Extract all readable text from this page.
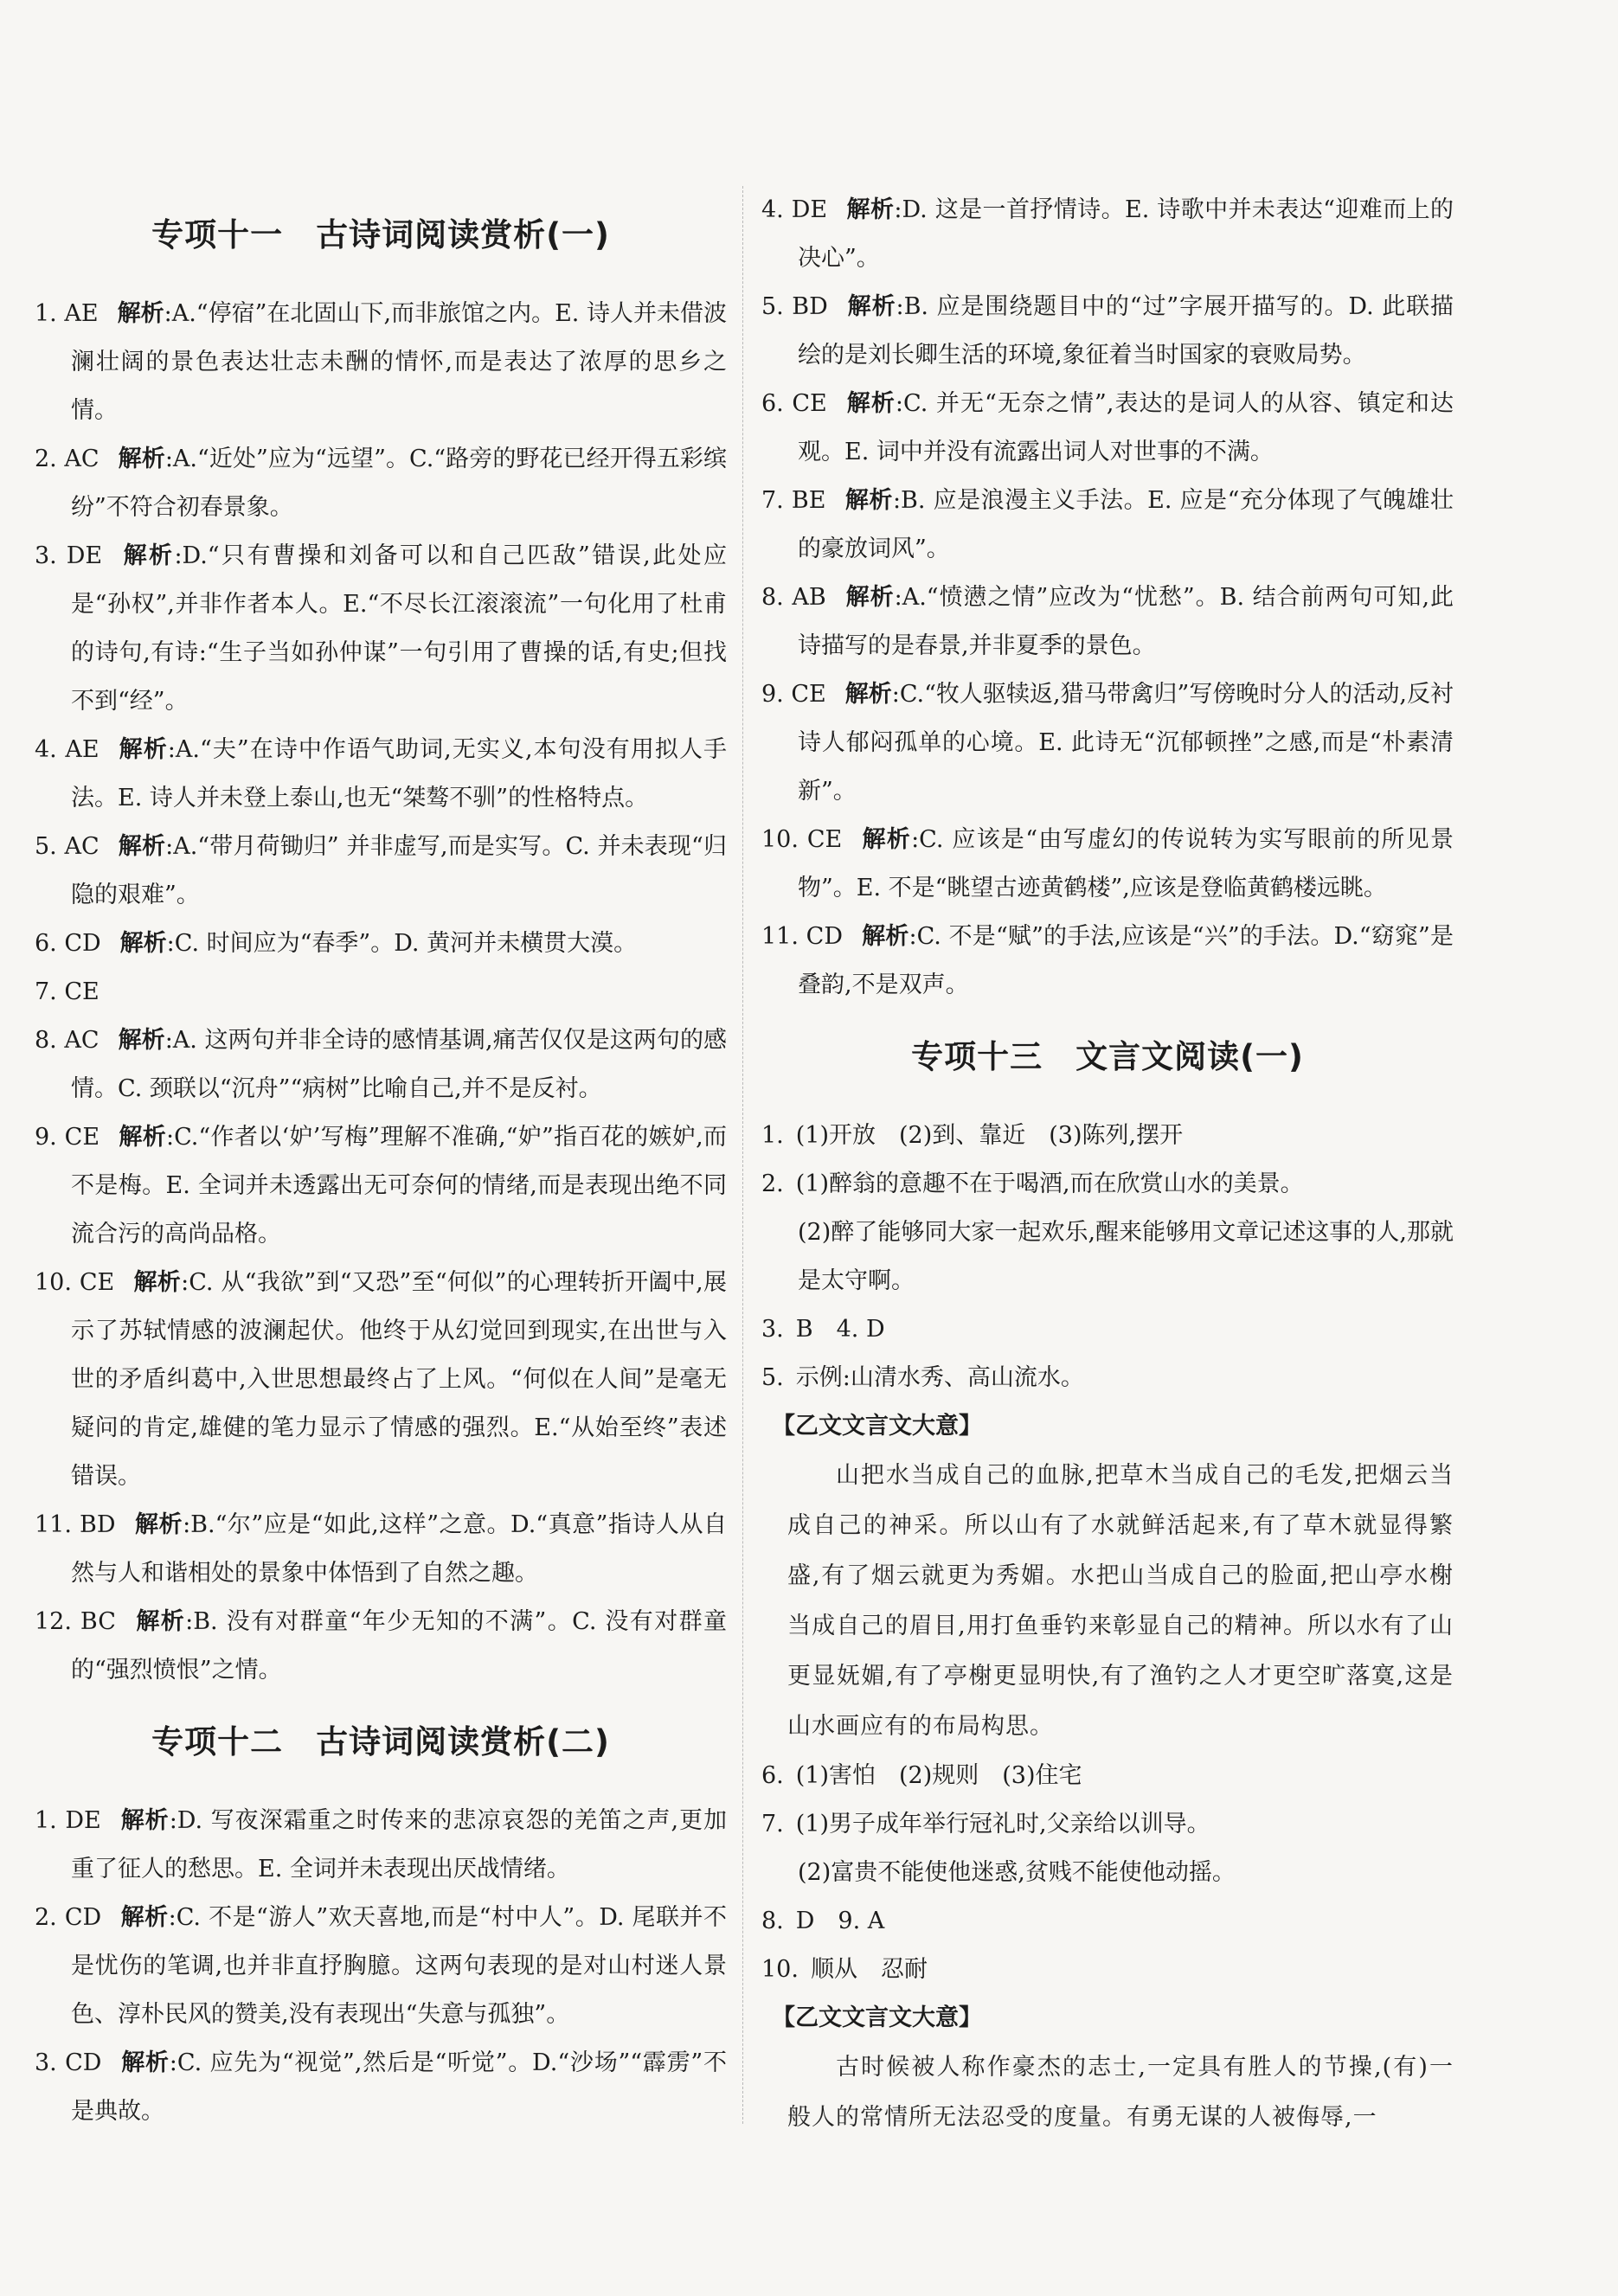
专项十一　古诗词阅读赏析(一)
1. AE 解析:A.“停宿”在北固山下,而非旅馆之内。E. 诗人并未借波澜壮阔的景色表达壮志未酬的情怀,而是表达了浓厚的思乡之情。
2. AC 解析:A.“近处”应为“远望”。C.“路旁的野花已经开得五彩缤纷”不符合初春景象。
3. DE 解析:D.“只有曹操和刘备可以和自己匹敌”错误,此处应是“孙权”,并非作者本人。E.“不尽长江滚滚流”一句化用了杜甫的诗句,有诗:“生子当如孙仲谋”一句引用了曹操的话,有史;但找不到“经”。
4. AE 解析:A.“夫”在诗中作语气助词,无实义,本句没有用拟人手法。E. 诗人并未登上泰山,也无“桀骜不驯”的性格特点。
5. AC 解析:A.“带月荷锄归” 并非虚写,而是实写。C. 并未表现“归隐的艰难”。
6. CD 解析:C. 时间应为“春季”。D. 黄河并未横贯大漠。
7. CE
8. AC 解析:A. 这两句并非全诗的感情基调,痛苦仅仅是这两句的感情。C. 颈联以“沉舟”“病树”比喻自己,并不是反衬。
9. CE 解析:C.“作者以‘妒’写梅”理解不准确,“妒”指百花的嫉妒,而不是梅。E. 全词并未透露出无可奈何的情绪,而是表现出绝不同流合污的高尚品格。
10. CE 解析:C. 从“我欲”到“又恐”至“何似”的心理转折开阖中,展示了苏轼情感的波澜起伏。他终于从幻觉回到现实,在出世与入世的矛盾纠葛中,入世思想最终占了上风。“何似在人间”是毫无疑问的肯定,雄健的笔力显示了情感的强烈。E.“从始至终”表述错误。
11. BD 解析:B.“尔”应是“如此,这样”之意。D.“真意”指诗人从自然与人和谐相处的景象中体悟到了自然之趣。
12. BC 解析:B. 没有对群童“年少无知的不满”。C. 没有对群童的“强烈愤恨”之情。
专项十二　古诗词阅读赏析(二)
1. DE 解析:D. 写夜深霜重之时传来的悲凉哀怨的羌笛之声,更加重了征人的愁思。E. 全词并未表现出厌战情绪。
2. CD 解析:C. 不是“游人”欢天喜地,而是“村中人”。D. 尾联并不是忧伤的笔调,也并非直抒胸臆。这两句表现的是对山村迷人景色、淳朴民风的赞美,没有表现出“失意与孤独”。
3. CD 解析:C. 应先为“视觉”,然后是“听觉”。D.“沙场”“霹雳”不是典故。
4. DE 解析:D. 这是一首抒情诗。E. 诗歌中并未表达“迎难而上的决心”。
5. BD 解析:B. 应是围绕题目中的“过”字展开描写的。D. 此联描绘的是刘长卿生活的环境,象征着当时国家的衰败局势。
6. CE 解析:C. 并无“无奈之情”,表达的是词人的从容、镇定和达观。E. 词中并没有流露出词人对世事的不满。
7. BE 解析:B. 应是浪漫主义手法。E. 应是“充分体现了气魄雄壮的豪放词风”。
8. AB 解析:A.“愤懑之情”应改为“忧愁”。B. 结合前两句可知,此诗描写的是春景,并非夏季的景色。
9. CE 解析:C.“牧人驱犊返,猎马带禽归”写傍晚时分人的活动,反衬诗人郁闷孤单的心境。E. 此诗无“沉郁顿挫”之感,而是“朴素清新”。
10. CE 解析:C. 应该是“由写虚幻的传说转为实写眼前的所见景物”。E. 不是“眺望古迹黄鹤楼”,应该是登临黄鹤楼远眺。
11. CD 解析:C. 不是“赋”的手法,应该是“兴”的手法。D.“窈窕”是叠韵,不是双声。
专项十三　文言文阅读(一)
1. (1)开放　(2)到、靠近　(3)陈列,摆开
2. (1)醉翁的意趣不在于喝酒,而在欣赏山水的美景。
(2)醉了能够同大家一起欢乐,醒来能够用文章记述这事的人,那就是太守啊。
3. B　4. D
5. 示例:山清水秀、高山流水。
【乙文文言文大意】
山把水当成自己的血脉,把草木当成自己的毛发,把烟云当成自己的神采。所以山有了水就鲜活起来,有了草木就显得繁盛,有了烟云就更为秀媚。水把山当成自己的脸面,把山亭水榭当成自己的眉目,用打鱼垂钓来彰显自己的精神。所以水有了山更显妩媚,有了亭榭更显明快,有了渔钓之人才更空旷落寞,这是山水画应有的布局构思。
6. (1)害怕　(2)规则　(3)住宅
7. (1)男子成年举行冠礼时,父亲给以训导。
(2)富贵不能使他迷惑,贫贱不能使他动摇。
8. D　9. A
10. 顺从　忍耐
【乙文文言文大意】
古时候被人称作豪杰的志士,一定具有胜人的节操,(有)一般人的常情所无法忍受的度量。有勇无谋的人被侮辱,一
